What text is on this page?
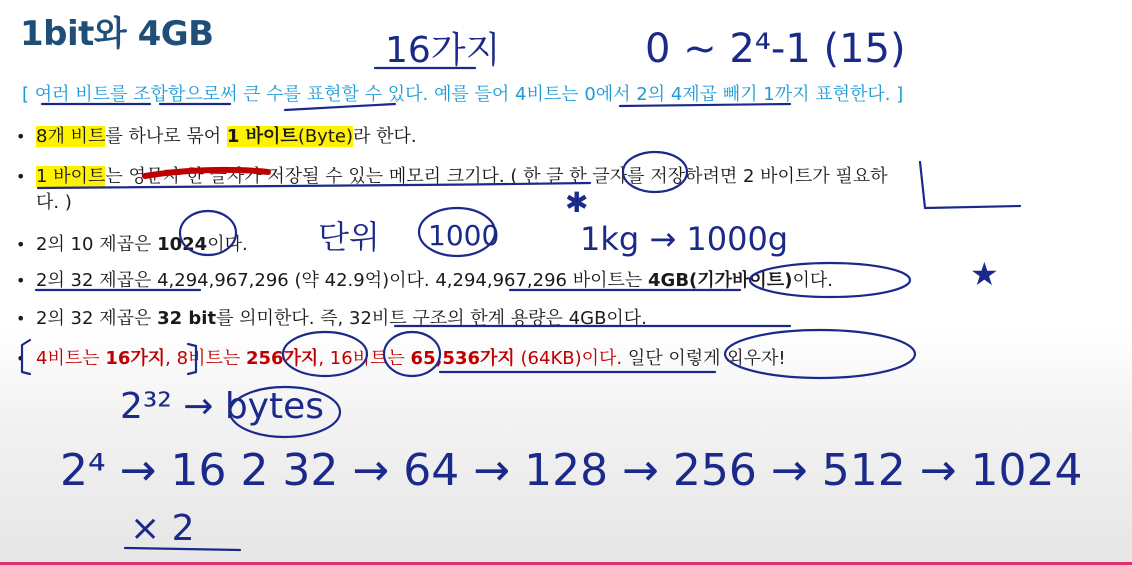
1bit와 4GB
[ 여러 비트를 조합함으로써 큰 수를 표현할 수 있다. 예를 들어 4비트는 0에서 2의 4제곱 빼기 1까지 표현한다. ]
• 8개 비트를 하나로 묶어 1 바이트(Byte)라 한다.
• 1 바이트는 영문자 한 글자가 저장될 수 있는 메모리 크기다. ( 한 글 한 글자를 저장하려면 2 바이트가 필요하
다. )
• 2의 10 제곱은 1024이다.
• 2의 32 제곱은 4,294,967,296 (약 42.9억)이다. 4,294,967,296 바이트는 4GB(기가바이트)이다.
• 2의 32 제곱은 32 bit를 의미한다. 즉, 32비트 구조의 한계 용량은 4GB이다.
• 4비트는 16가지, 8비트는 256가지, 16비트는 65,536가지 (64KB)이다. 일단 이렇게 외우자!
16가지	0 ~ 2⁴-1 (15)
✱
단위 1000	1kg → 1000g
★
2³² → bytes
2⁴ → 16 2 32 → 64 → 128 → 256 → 512 → 1024
× 2
